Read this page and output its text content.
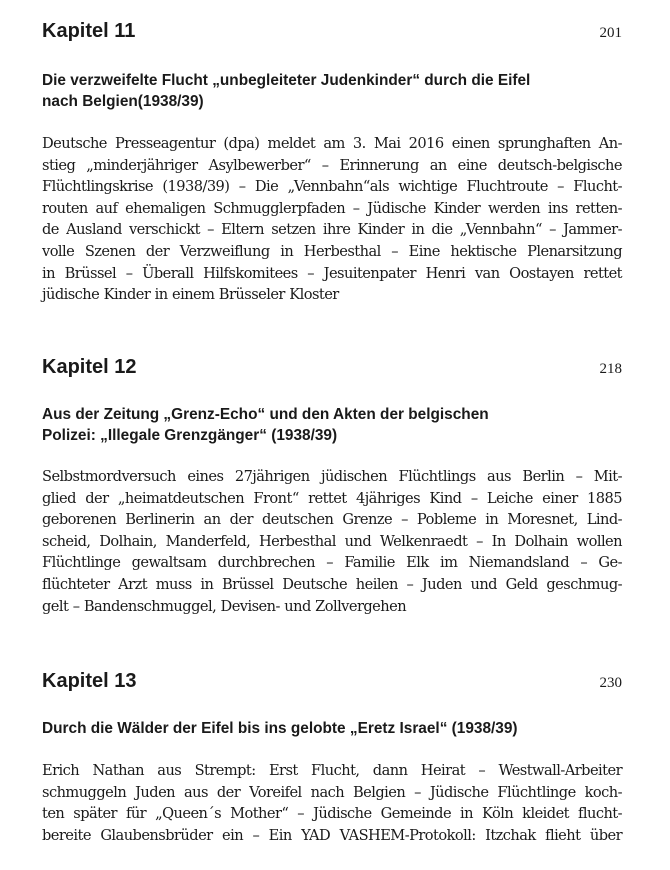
Kapitel 11	201
Die verzweifelte Flucht „unbegleiteter Judenkinder“ durch die Eifel
nach Belgien(1938/39)
Deutsche Presseagentur (dpa) meldet am 3. Mai 2016 einen sprunghaften An-
stieg „minderjähriger Asylbewerber“ – Erinnerung an eine deutsch-belgische
Flüchtlingskrise (1938/39) – Die „Vennbahn“als wichtige Fluchtroute – Flucht-
routen auf ehemaligen Schmugglerpfaden – Jüdische Kinder werden ins retten-
de Ausland verschickt – Eltern setzen ihre Kinder in die „Vennbahn“ – Jammer-
volle Szenen der Verzweiflung in Herbesthal – Eine hektische Plenarsitzung
in Brüssel – Überall Hilfskomitees – Jesuitenpater Henri van Oostayen rettet
jüdische Kinder in einem Brüsseler Kloster
Kapitel 12	218
Aus der Zeitung „Grenz-Echo“ und den Akten der belgischen
Polizei: „Illegale Grenzgänger“ (1938/39)
Selbstmordversuch eines 27jährigen jüdischen Flüchtlings aus Berlin – Mit-
glied der „heimatdeutschen Front“ rettet 4jähriges Kind – Leiche einer 1885
geborenen Berlinerin an der deutschen Grenze – Pobleme in Moresnet, Lind-
scheid, Dolhain, Manderfeld, Herbesthal und Welkenraedt – In Dolhain wollen
Flüchtlinge gewaltsam durchbrechen – Familie Elk im Niemandsland – Ge-
flüchteter Arzt muss in Brüssel Deutsche heilen – Juden und Geld geschmug-
gelt – Bandenschmuggel, Devisen- und Zollvergehen
Kapitel 13	230
Durch die Wälder der Eifel bis ins gelobte „Eretz Israel“ (1938/39)
Erich Nathan aus Strempt: Erst Flucht, dann Heirat – Westwall-Arbeiter
schmuggeln Juden aus der Voreifel nach Belgien – Jüdische Flüchtlinge koch-
ten später für „Queen´s Mother“ – Jüdische Gemeinde in Köln kleidet flucht-
bereite Glaubensbrüder ein – Ein YAD VASHEM-Protokoll: Itzchak flieht über
